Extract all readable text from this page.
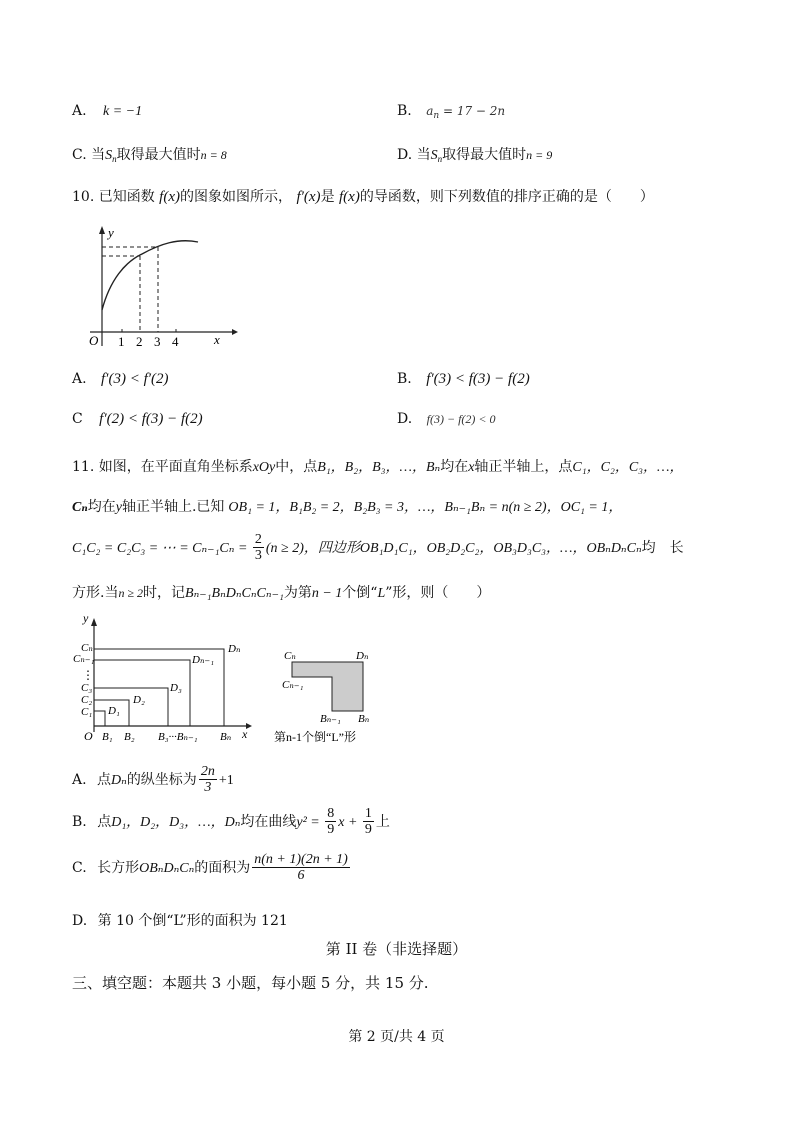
A. k = −1	B. $a_n = 17 - 2n$
C. 当$S_n$取得最大值时n = 8	D. 当$S_n$取得最大值时n = 9
10. 已知函数 f(x)的图象如图所示， f′(x)是 f(x)的导函数，则下列数值的排序正确的是（　　）
y
x
O 1 2 3 4
A. f′(3) < f′(2)	B. f′(3) < f(3) − f(2)
C f′(2) < f(3) − f(2)	D. f(3) − f(2) < 0
11. 如图，在平面直角坐标系xOy中，点B₁，B₂，B₃，…，Bₙ均在x轴正半轴上，点C₁，C₂，C₃，…，
Cₙ均在y轴正半轴上.已知 OB₁ = 1，B₁B₂ = 2，B₂B₃ = 3，…，Bₙ₋₁Bₙ = n(n ≥ 2)，OC₁ = 1，
C₁C₂ = C₂C₃ = ⋯ = $C_{n-1}C_n = \frac{2}{3} (n \ge 2)$，四边形OB₁D₁C₁，OB₂D₂C₂，OB₃D₃C₃，…，OBₙDₙCₙ均　长
方形.当n ≥ 2时，记Bₙ₋₁BₙDₙCₙCₙ₋₁为第n − 1个倒“L”形，则（　　）
⋮
y
x
O
Cₙ
Cₙ₋₁
C₃
C₂
C₁
Dₙ
Dₙ₋₁
D₃
D₂
D₁
B₁ B₂ B₃···Bₙ₋₁ Bₙ
Cₙ	Dₙ
Cₙ₋₁
Bₙ₋₁ Bₙ
第n-1个倒“L”形
A. 点Dₙ的纵坐标为 $\frac{2n}{3} +1$
B. 点D₁，D₂，D₃，…，Dₙ均在曲线$y^2 = \frac{8}{9}$ $x + \frac{1}{9}$ 上
C. 长方形OBₙDₙCₙ的面积为 $\frac{n(n + 1)(2n + 1)}{6}$
D. 第 10 个倒“L”形的面积为 121
第 II 卷（非选择题）
三、填空题：本题共 3 小题，每小题 5 分，共 15 分.
第 2 页/共 4 页
